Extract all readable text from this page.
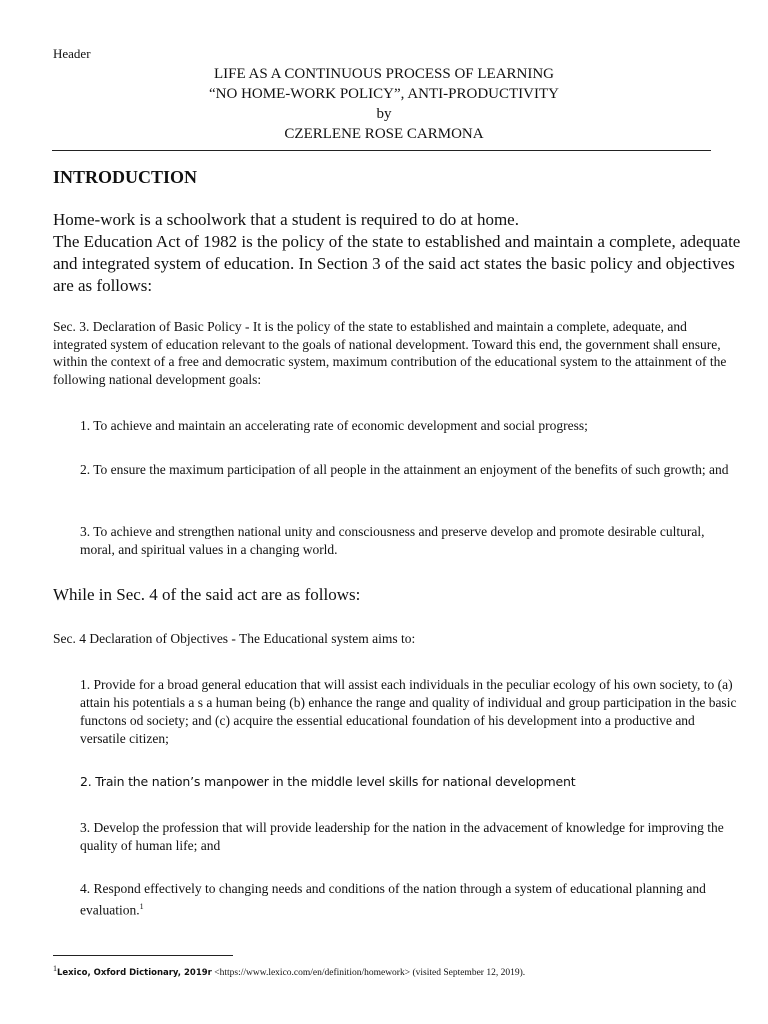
Header
LIFE AS A CONTINUOUS PROCESS OF LEARNING
“NO HOME-WORK POLICY”, ANTI-PRODUCTIVITY
by
CZERLENE ROSE CARMONA
INTRODUCTION

Home-work is a schoolwork that a student is required to do at home.

The Education Act of 1982 is the policy of the state to established and maintain a complete, adequate and integrated system of education. In Section 3 of the said act states the basic policy and objectives are as follows:

Sec. 3. Declaration of Basic Policy - It is the policy of the state to established and maintain a complete, adequate, and integrated system of education relevant to the goals of national development. Toward this end, the government shall ensure, within the context of a free and democratic system, maximum contribution of the educational system to the attainment of the following national development goals:
1. To achieve and maintain an accelerating rate of economic development and social progress;
2. To ensure the maximum participation of all people in the attainment an enjoyment of the benefits of such growth; and
3. To achieve and strengthen national unity and consciousness and preserve develop and promote desirable cultural, moral, and spiritual values in a changing world.
While in Sec. 4 of the said act are as follows:
Sec. 4 Declaration of Objectives - The Educational system aims to:
1. Provide for a broad general education that will assist each individuals in the peculiar ecology of his own society, to (a) attain his potentials a s a human being (b) enhance the range and quality of individual and group participation in the basic functons od society; and (c) acquire the essential educational foundation of his development into a productive and versatile citizen;
2. Train the nation’s manpower in the middle level skills for national development
3. Develop the profession that will provide leadership for the nation in the advacement of knowledge for improving the quality of human life; and
4. Respond effectively to changing needs and conditions of the nation through a system of educational planning and evaluation.$^1$
$^1$Lexico, Oxford Dictionary, 2019r <https://www.lexico.com/en/definition/homework> (visited September 12, 2019).
